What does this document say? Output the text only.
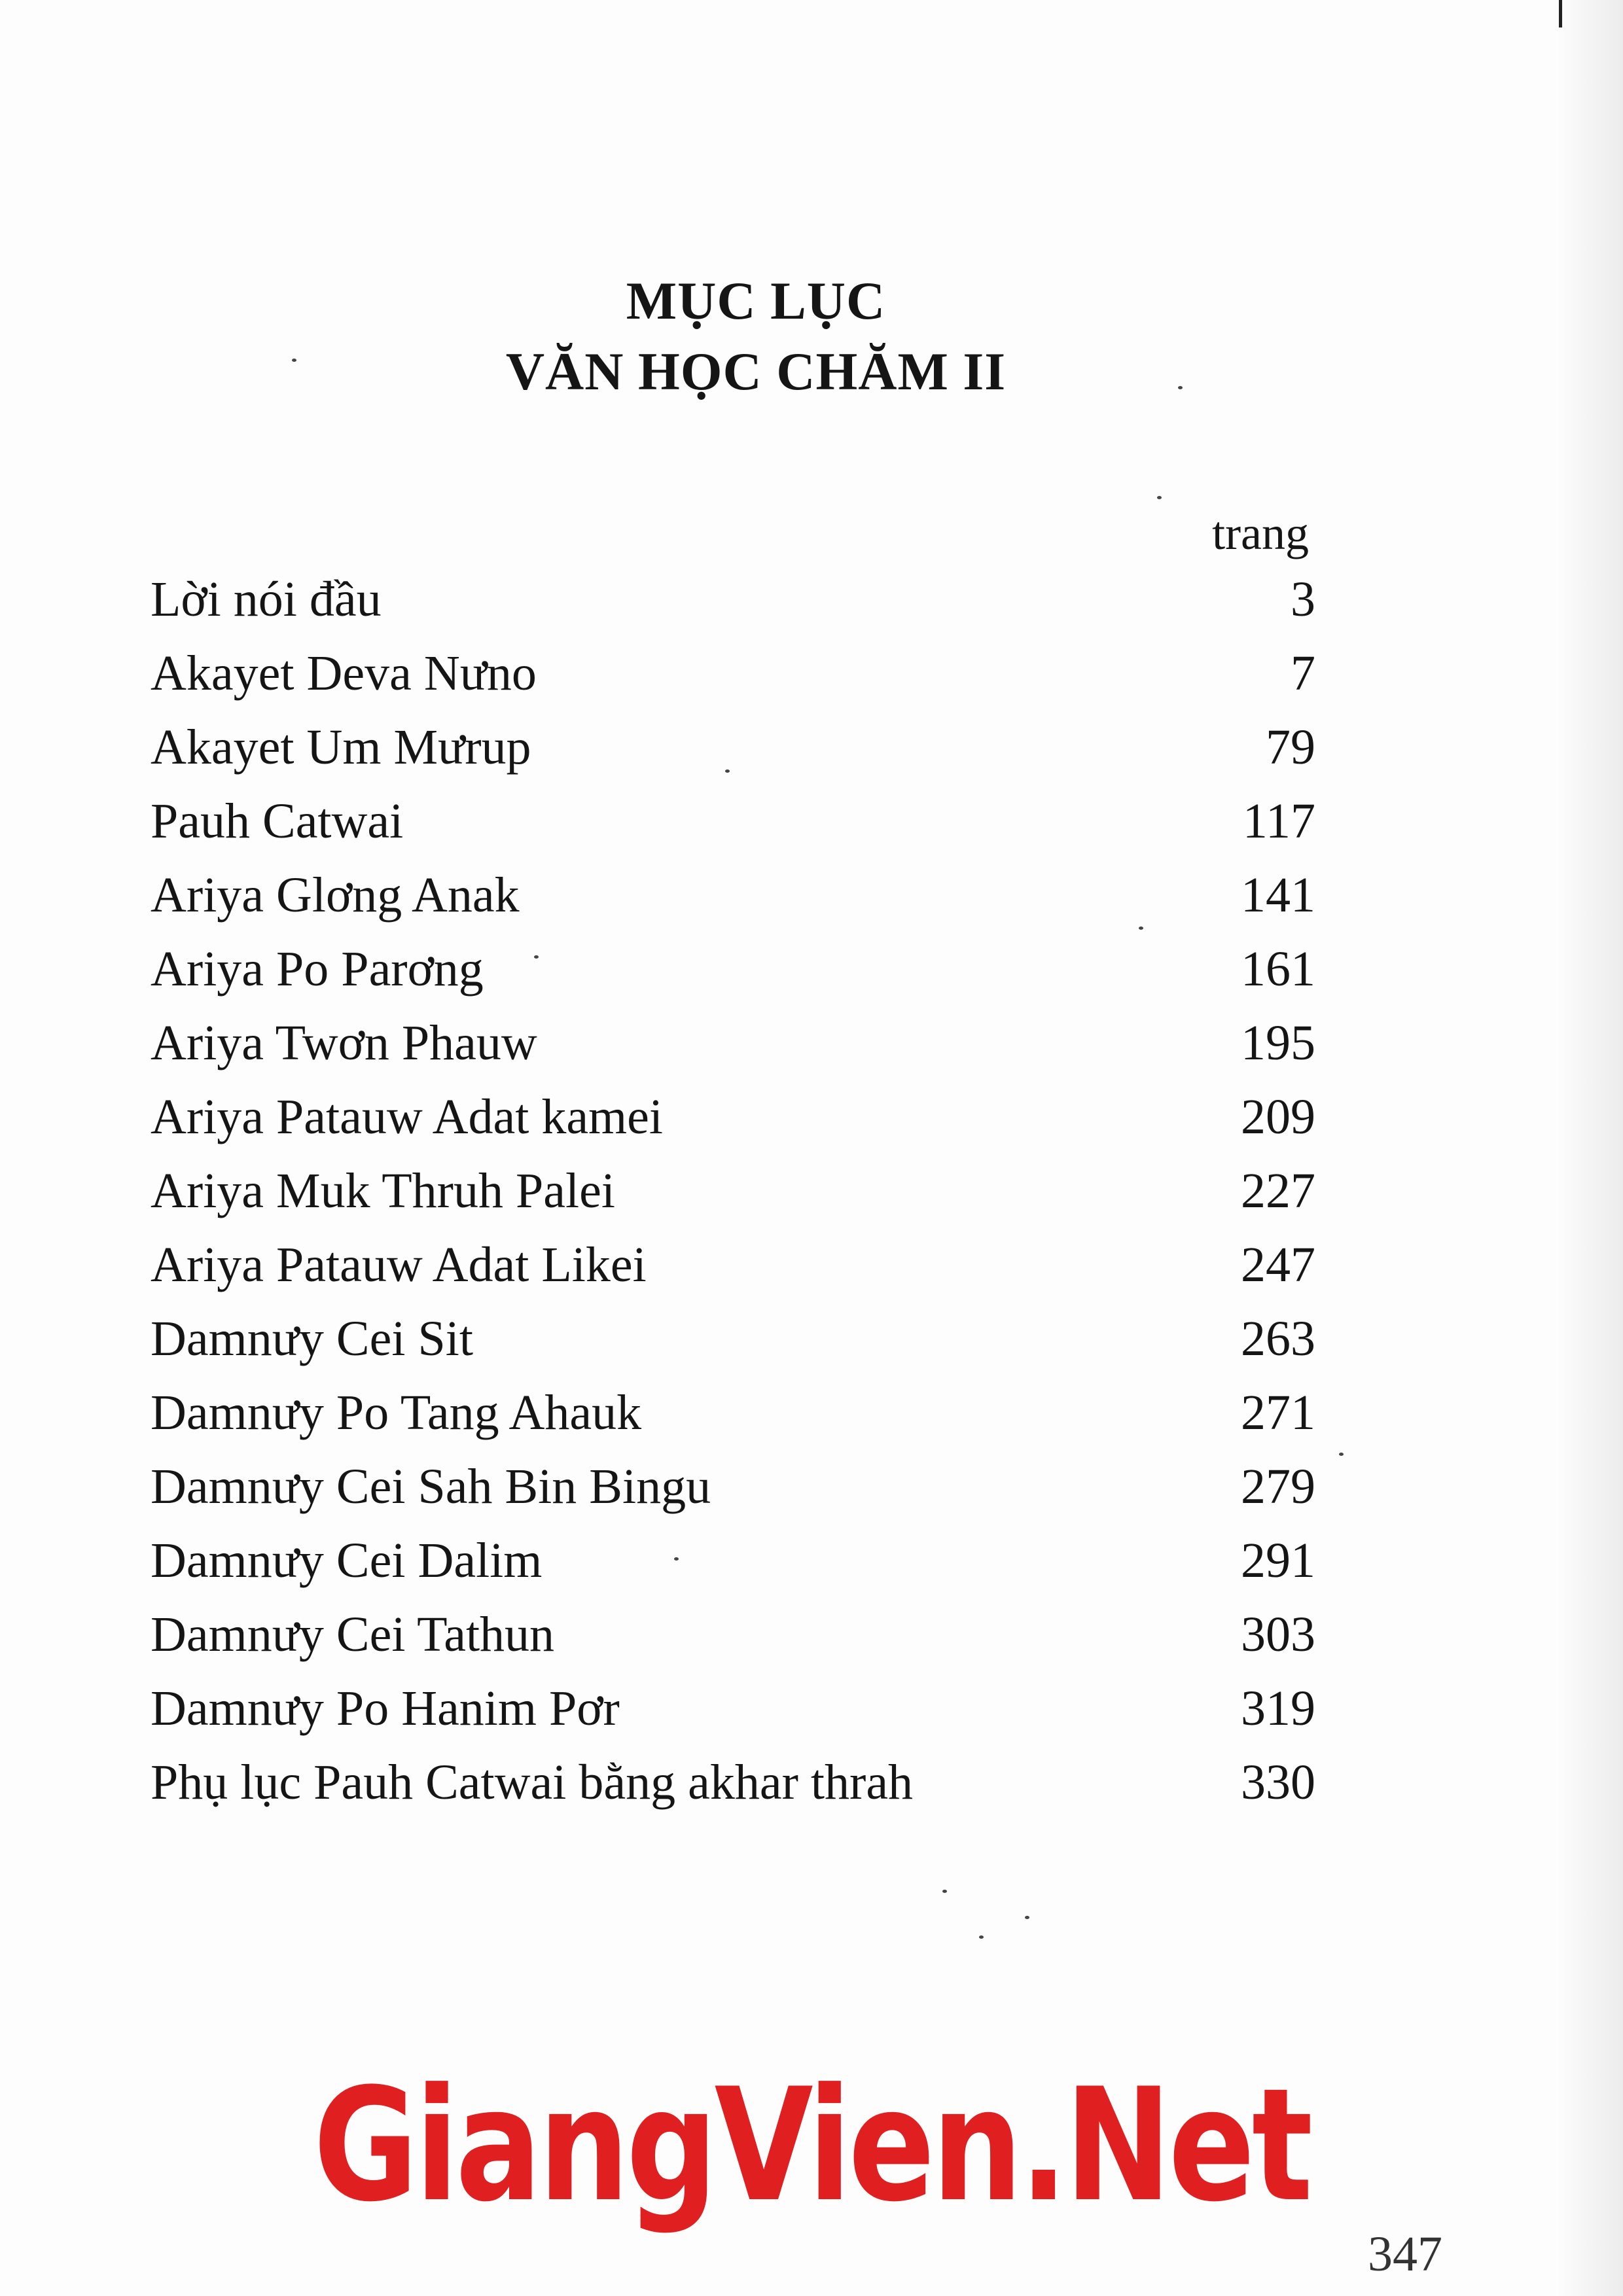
MỤC LỤC
VĂN HỌC CHĂM II
trang
Lời nói đầu	3
Akayet Deva Nưno	7
Akayet Um Mưrup	79
Pauh Catwai	117
Ariya Glơng Anak	141
Ariya Po Parơng	161
Ariya Twơn Phauw	195
Ariya Patauw Adat kamei	209
Ariya Muk Thruh Palei	227
Ariya Patauw Adat Likei	247
Damnưy Cei Sit	263
Damnưy Po Tang Ahauk	271
Damnưy Cei Sah Bin Bingu	279
Damnưy Cei Dalim	291
Damnưy Cei Tathun	303
Damnưy Po Hanim Pơr	319
Phụ lục Pauh Catwai bằng akhar thrah	330
GiangVien.Net
347
